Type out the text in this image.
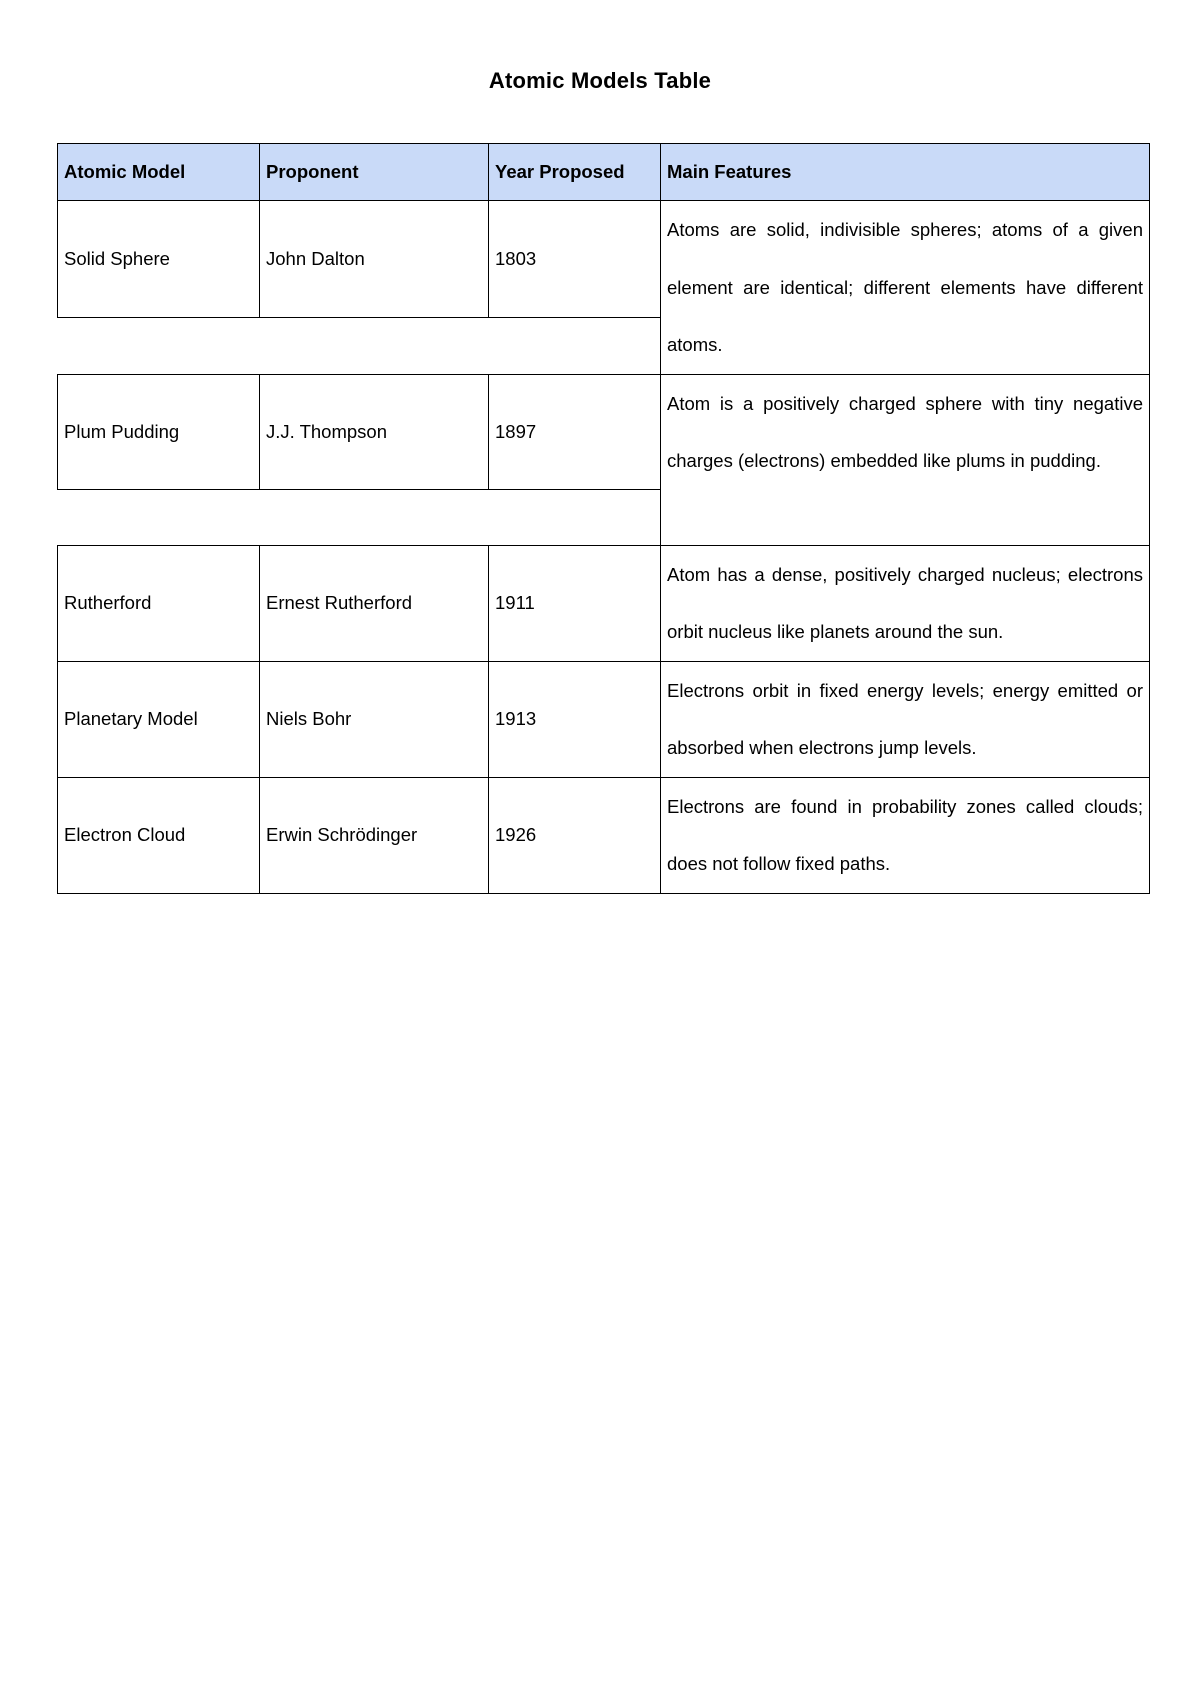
Atomic Models Table
Atomic Model	Proponent	Year Proposed	Main Features
Solid Sphere	John Dalton	1803	Atoms are solid, indivisible spheres; atoms of a given element are identical; different elements have different atoms.

Plum Pudding	J.J. Thompson	1897	Atom is a positively charged sphere with tiny negative charges (electrons) embedded like plums in pudding.

Rutherford	Ernest Rutherford	1911	Atom has a dense, positively charged nucleus; electrons orbit nucleus like planets around the sun.
Planetary Model	Niels Bohr	1913	Electrons orbit in fixed energy levels; energy emitted or absorbed when electrons jump levels.
Electron Cloud	Erwin Schrödinger	1926	Electrons are found in probability zones called clouds; does not follow fixed paths.
